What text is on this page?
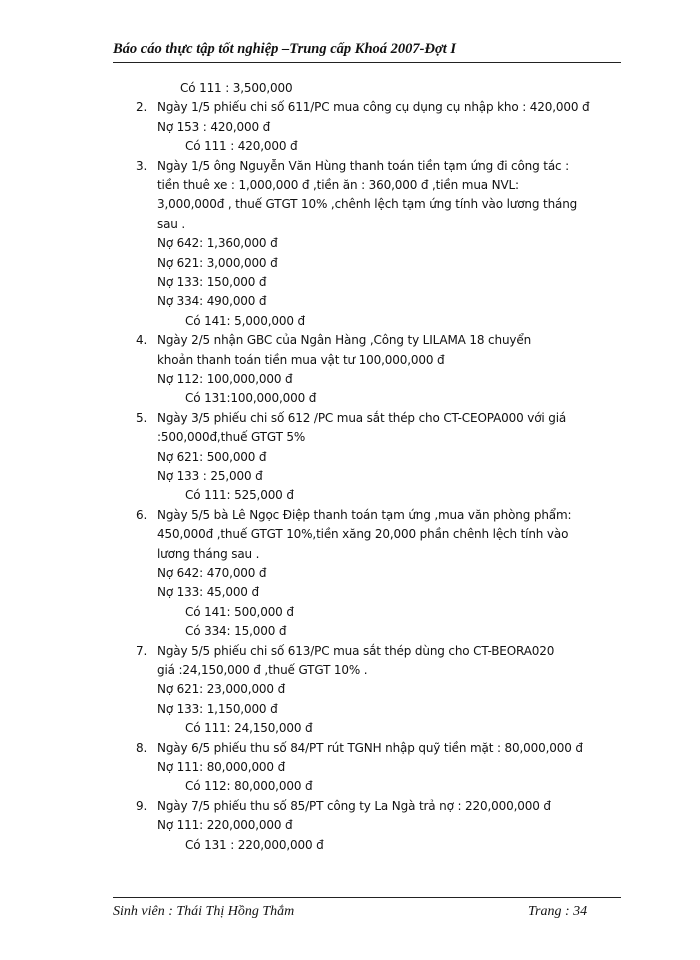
Báo cáo thực tập tốt nghiệp –Trung cấp Khoá 2007-Đợt I
Có 111 : 3,500,000
2. Ngày 1/5 phiếu chi số 611/PC mua công cụ dụng cụ nhập kho : 420,000 đ
Nợ 153 : 420,000 đ
Có 111 : 420,000 đ
3. Ngày 1/5 ông Nguyễn Văn Hùng thanh toán tiền tạm ứng đi công tác :
tiền thuê xe : 1,000,000 đ ,tiền ăn : 360,000 đ ,tiền mua NVL:
3,000,000đ , thuế GTGT 10% ,chênh lệch tạm ứng tính vào lương tháng
sau .
Nợ 642: 1,360,000 đ
Nợ 621: 3,000,000 đ
Nợ 133: 150,000 đ
Nợ 334: 490,000 đ
Có 141: 5,000,000 đ
4. Ngày 2/5 nhận GBC của Ngân Hàng ,Công ty LILAMA 18 chuyển
khoản thanh toán tiền mua vật tư 100,000,000 đ
Nợ 112: 100,000,000 đ
Có 131:100,000,000 đ
5. Ngày 3/5 phiếu chi số 612 /PC mua sắt thép cho CT-CEOPA000 với giá
:500,000đ,thuế GTGT 5%
Nợ 621: 500,000 đ
Nợ 133 : 25,000 đ
Có 111: 525,000 đ
6. Ngày 5/5 bà Lê Ngọc Điệp thanh toán tạm ứng ,mua văn phòng phẩm:
450,000đ ,thuế GTGT 10%,tiền xăng 20,000 phần chênh lệch tính vào
lương tháng sau .
Nợ 642: 470,000 đ
Nợ 133: 45,000 đ
Có 141: 500,000 đ
Có 334: 15,000 đ
7. Ngày 5/5 phiếu chi số 613/PC mua sắt thép dùng cho CT-BEORA020
giá :24,150,000 đ ,thuế GTGT 10% .
Nợ 621: 23,000,000 đ
Nợ 133: 1,150,000 đ
Có 111: 24,150,000 đ
8. Ngày 6/5 phiếu thu số 84/PT rút TGNH nhập quỹ tiền mặt : 80,000,000 đ
Nợ 111: 80,000,000 đ
Có 112: 80,000,000 đ
9. Ngày 7/5 phiếu thu số 85/PT công ty La Ngà trả nợ : 220,000,000 đ
Nợ 111: 220,000,000 đ
Có 131 : 220,000,000 đ
Sinh viên : Thái Thị Hồng Thắm	Trang : 34
